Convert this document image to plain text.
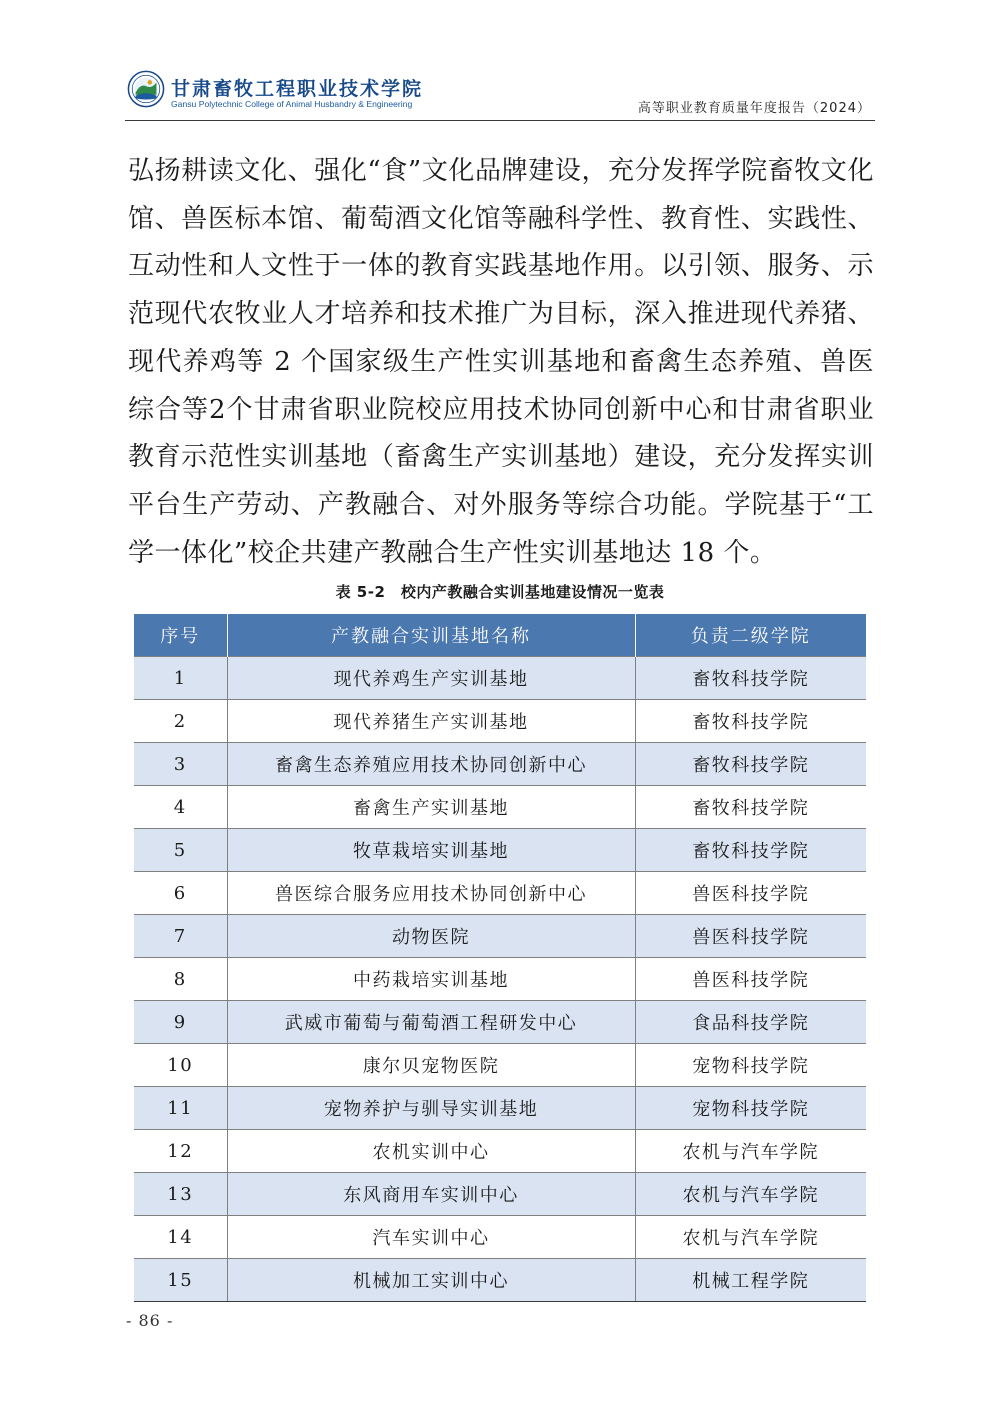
甘肃畜牧工程职业技术学院
Gansu Polytechnic College of Animal Husbandry & Engineering	高等职业教育质量年度报告（2024）

弘扬耕读文化、强化“食”文化品牌建设，充分发挥学院畜牧文化馆、兽医标本馆、葡萄酒文化馆等融科学性、教育性、实践性、互动性和人文性于一体的教育实践基地作用。以引领、服务、示范现代农牧业人才培养和技术推广为目标，深入推进现代养猪、现代养鸡等 2 个国家级生产性实训基地和畜禽生态养殖、兽医综合等2个甘肃省职业院校应用技术协同创新中心和甘肃省职业教育示范性实训基地（畜禽生产实训基地）建设，充分发挥实训平台生产劳动、产教融合、对外服务等综合功能。学院基于“工学一体化”校企共建产教融合生产性实训基地达 18 个。

表 5-2　校内产教融合实训基地建设情况一览表
序号	产教融合实训基地名称	负责二级学院
1	现代养鸡生产实训基地	畜牧科技学院
2	现代养猪生产实训基地	畜牧科技学院
3	畜禽生态养殖应用技术协同创新中心	畜牧科技学院
4	畜禽生产实训基地	畜牧科技学院
5	牧草栽培实训基地	畜牧科技学院
6	兽医综合服务应用技术协同创新中心	兽医科技学院
7	动物医院	兽医科技学院
8	中药栽培实训基地	兽医科技学院
9	武威市葡萄与葡萄酒工程研发中心	食品科技学院
10	康尔贝宠物医院	宠物科技学院
11	宠物养护与驯导实训基地	宠物科技学院
12	农机实训中心	农机与汽车学院
13	东风商用车实训中心	农机与汽车学院
14	汽车实训中心	农机与汽车学院
15	机械加工实训中心	机械工程学院
- 86 -
